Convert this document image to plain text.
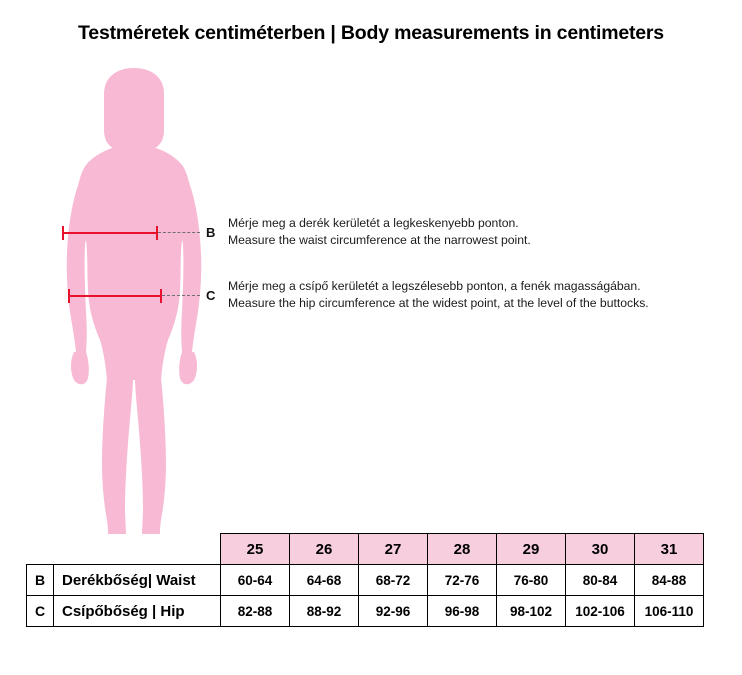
Testméretek centiméterben | Body measurements in centimeters
B
Mérje meg a derék kerületét a legkeskenyebb ponton.
Measure the waist circumference at the narrowest point.
C
Mérje meg a csípő kerületét a legszélesebb ponton, a fenék magasságában.
Measure the hip circumference at the widest point, at the level of the buttocks.
		25	26	27	28	29	30	31
B	Derékbőség| Waist	60-64	64-68	68-72	72-76	76-80	80-84	84-88
C	Csípőbőség | Hip	82-88	88-92	92-96	96-98	98-102	102-106	106-110
